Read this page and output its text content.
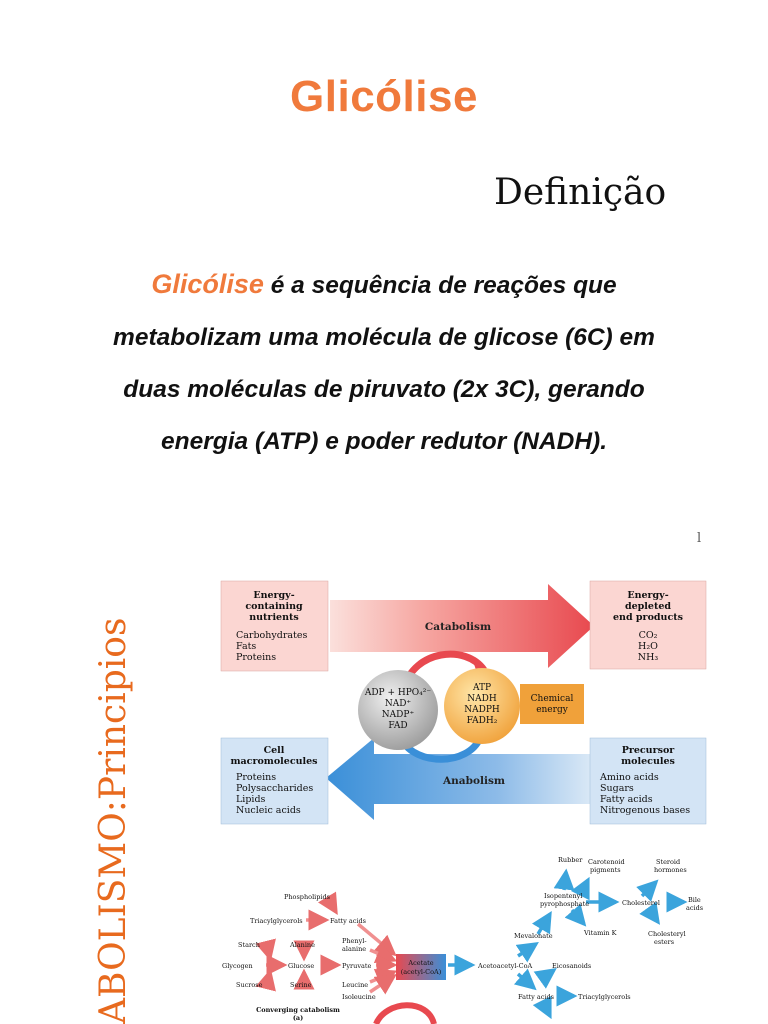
Glicólise
Definição
Glicólise é a sequência de reações que
metabolizam uma molécula de glicose (6C) em
duas moléculas de piruvato (2x 3C), gerando
energia (ATP) e poder redutor (NADH).
l
ABOLISMO:Principios	Catabolism
Anabolism
Energy-
containing
nutrients
Carbohydrates
Fats
Proteins
Energy-
depleted
end products
CO₂
H₂O
NH₃
ADP + HPO₄²⁻
NAD⁺
NADP⁺
FAD
ATP
NADH
NADPH
FADH₂
Chemical
energy
Cell
macromolecules
Proteins
Polysaccharides
Lipids
Nucleic acids
Precursor
molecules
Amino acids
Sugars
Fatty acids
Nitrogenous bases
Acetate
(acetyl-CoA)
Phospholipids
Triacylglycerols	Fatty acids
Starch
Glycogen
Sucrose
Alanine
Glucose
Serine
Phenyl-
alanine
Pyruvate
Leucine
Isoleucine
Acetoacetyl-CoA
Mevalonate
Isopentenyl
pyrophosphate
Rubber Carotenoid
pigments
Steroid
hormones
Cholesterol	Bile
acids
Vitamin K	Cholesteryl
esters
Eicosanoids
Fatty acids	Triacylglycerols
Converging catabolism
(a)
